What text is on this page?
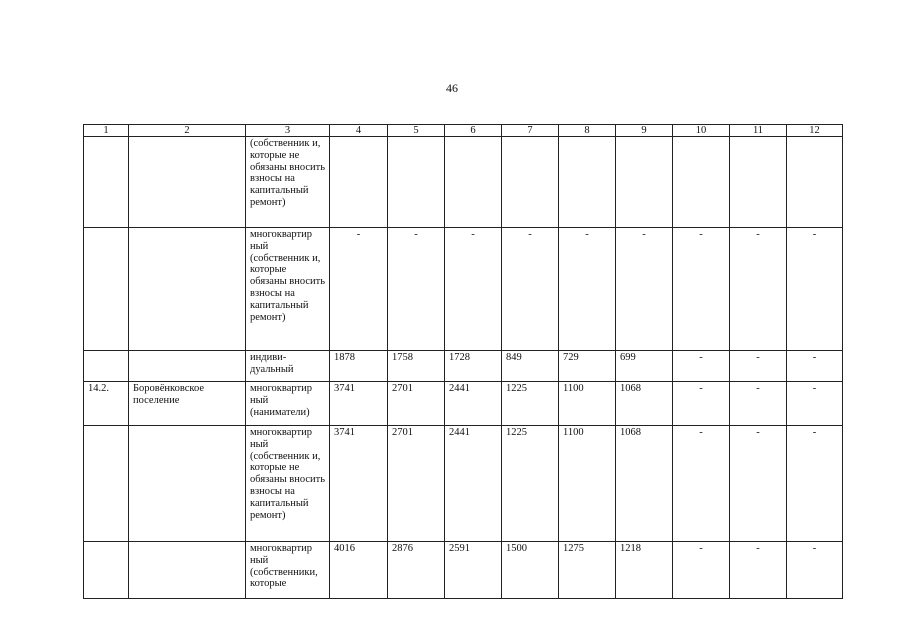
46
1	2	3	4	5	6	7	8	9	10	11	12
		(собственник и, которые не обязаны вносить взносы на капитальный ремонт)									
		многоквартир ный (собственник и, которые обязаны вносить взносы на капитальный ремонт)	-	-	-	-	-	-	-	-	-
		индиви- дуальный	1878	1758	1728	849	729	699	-	-	-
14.2.	Боровёнковское поселение	многоквартир ный (наниматели)	3741	2701	2441	1225	1100	1068	-	-	-
		многоквартир ный (собственник и, которые не обязаны вносить взносы на капитальный ремонт)	3741	2701	2441	1225	1100	1068	-	-	-
		многоквартир ный (собственники, которые	4016	2876	2591	1500	1275	1218	-	-	-
